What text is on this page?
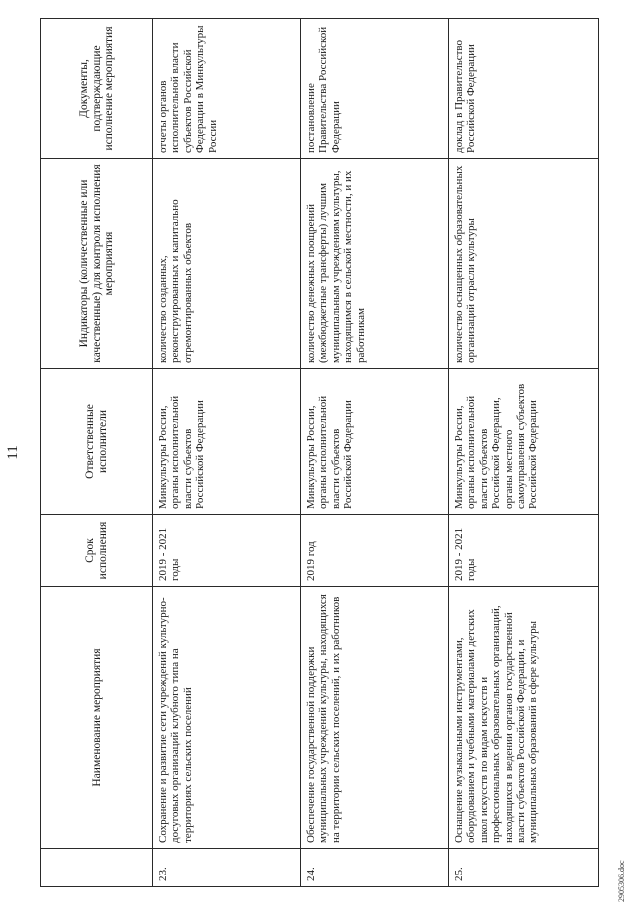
11
	Наименование мероприятия	Срок исполнения	Ответственные исполнители	Индикаторы (количественные или качественные) для контроля исполнения мероприятия	Документы, подтверждающие исполнение мероприятия
23.	Сохранение и развитие сети учреждений культурно-досуговых организаций клубного типа на территориях сельских поселений	2019 - 2021 годы	Минкультуры России, органы исполнительной власти субъектов Российской Федерации	количество созданных, реконструированных и капитально отремонтированных объектов	отчеты органов исполнительной власти субъектов Российской Федерации в Минкультуры России
24.	Обеспечение государственной поддержки муниципальных учреждений культуры, находящихся на территории сельских поселений, и их работников	2019 год	Минкультуры России, органы исполнительной власти субъектов Российской Федерации	количество денежных поощрений (межбюджетные трансферты) лучшим муниципальным учреждениям культуры, находящимся в сельской местности, и их работникам	постановление Правительства Российской Федерации
25.	Оснащение музыкальными инструментами, оборудованием и учебными материалами детских школ искусств по видам искусств и профессиональных образовательных организаций, находящихся в ведении органов государственной власти субъектов Российской Федерации, и муниципальных образований в сфере культуры	2019 - 2021 годы	Минкультуры России, органы исполнительной власти субъектов Российской Федерации, органы местного самоуправления субъектов Российской Федерации	количество оснащенных образовательных организаций отрасли культуры	доклад в Правительство Российской Федерации
2905306.doc
